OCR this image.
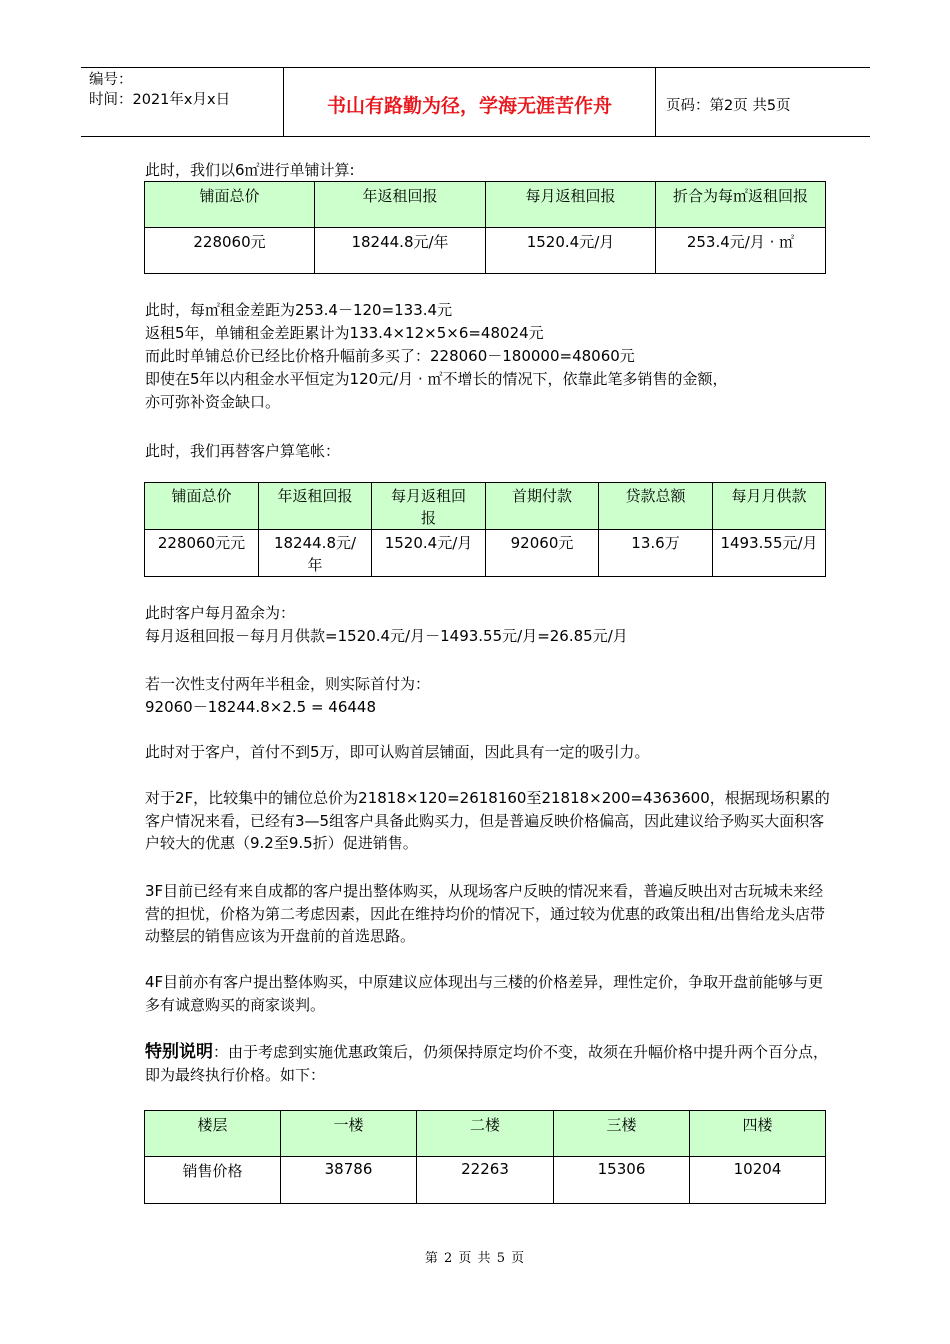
编号：
时间：2021年x月x日	书山有路勤为径，学海无涯苦作舟	页码：第2页 共5页
此时，我们以6㎡进行单铺计算:
铺面总价	年返租回报	每月返租回报	折合为每㎡返租回报
228060元	18244.8元/年	1520.4元/月	253.4元/月 · ㎡
此时，每㎡租金差距为253.4－120=133.4元
返租5年，单铺租金差距累计为133.4×12×5×6=48024元
而此时单铺总价已经比价格升幅前多买了：228060－180000=48060元
即使在5年以内租金水平恒定为120元/月 · ㎡不增长的情况下，依靠此笔多销售的金额，
亦可弥补资金缺口。
此时，我们再替客户算笔帐：
铺面总价	年返租回报	每月返租回报	首期付款	贷款总额	每月月供款
228060元元	18244.8元/年	1520.4元/月	92060元	13.6万	1493.55元/月
此时客户每月盈余为：
每月返租回报－每月月供款=1520.4元/月－1493.55元/月=26.85元/月
若一次性支付两年半租金，则实际首付为：
92060－18244.8×2.5 = 46448
此时对于客户，首付不到5万，即可认购首层铺面，因此具有一定的吸引力。
对于2F，比较集中的铺位总价为21818×120=2618160至21818×200=4363600，根据现场积累的客户情况来看，已经有3—5组客户具备此购买力，但是普遍反映价格偏高，因此建议给予购买大面积客户较大的优惠（9.2至9.5折）促进销售。
3F目前已经有来自成都的客户提出整体购买，从现场客户反映的情况来看，普遍反映出对古玩城未来经营的担忧，价格为第二考虑因素，因此在维持均价的情况下，通过较为优惠的政策出租/出售给龙头店带动整层的销售应该为开盘前的首选思路。
4F目前亦有客户提出整体购买，中原建议应体现出与三楼的价格差异，理性定价，争取开盘前能够与更多有诚意购买的商家谈判。
特别说明：由于考虑到实施优惠政策后，仍须保持原定均价不变，故须在升幅价格中提升两个百分点，即为最终执行价格。如下：
楼层	一楼	二楼	三楼	四楼
销售价格	38786	22263	15306	10204
第 2 页 共 5 页
